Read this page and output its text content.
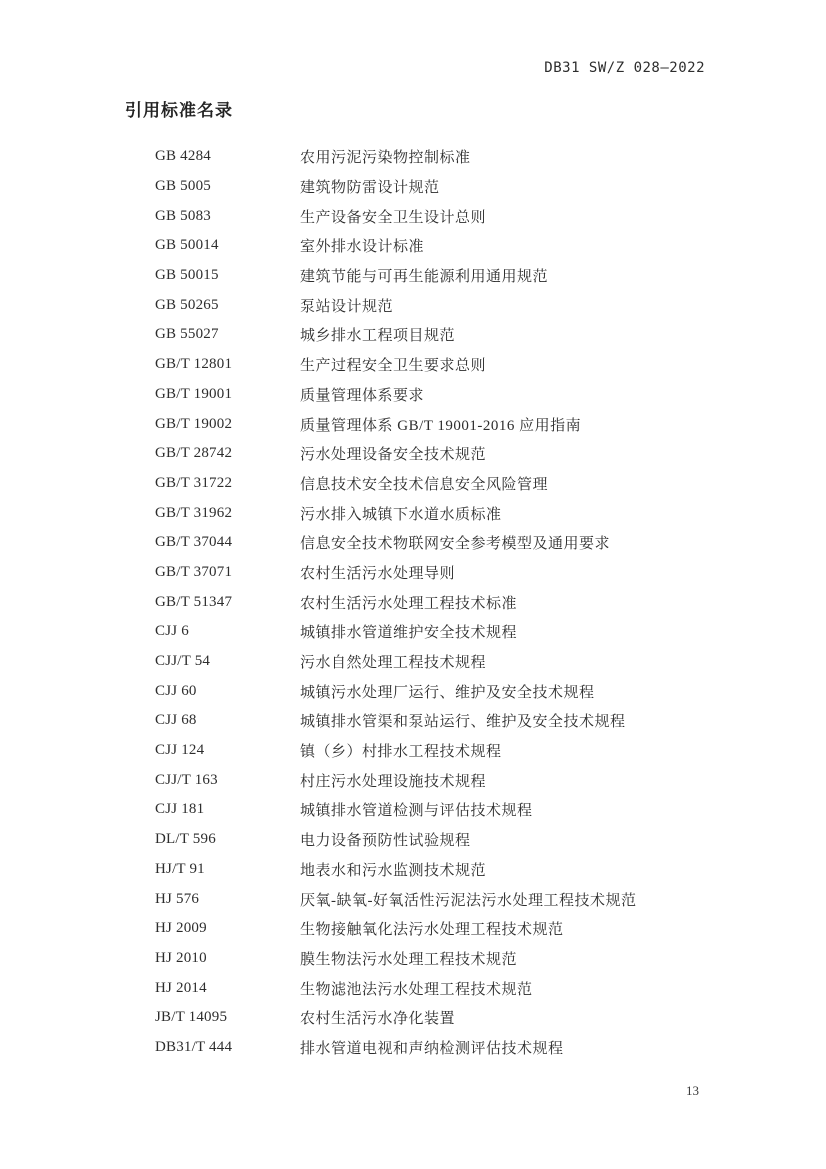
DB31 SW/Z 028—2022
引用标准名录
GB 4284	农用污泥污染物控制标准
GB 5005	建筑物防雷设计规范
GB 5083	生产设备安全卫生设计总则
GB 50014	室外排水设计标准
GB 50015	建筑节能与可再生能源利用通用规范
GB 50265	泵站设计规范
GB 55027	城乡排水工程项目规范
GB/T 12801	生产过程安全卫生要求总则
GB/T 19001	质量管理体系要求
GB/T 19002	质量管理体系 GB/T 19001-2016 应用指南
GB/T 28742	污水处理设备安全技术规范
GB/T 31722	信息技术安全技术信息安全风险管理
GB/T 31962	污水排入城镇下水道水质标准
GB/T 37044	信息安全技术物联网安全参考模型及通用要求
GB/T 37071	农村生活污水处理导则
GB/T 51347	农村生活污水处理工程技术标准
CJJ 6	城镇排水管道维护安全技术规程
CJJ/T 54	污水自然处理工程技术规程
CJJ 60	城镇污水处理厂运行、维护及安全技术规程
CJJ 68	城镇排水管渠和泵站运行、维护及安全技术规程
CJJ 124	镇（乡）村排水工程技术规程
CJJ/T 163	村庄污水处理设施技术规程
CJJ 181	城镇排水管道检测与评估技术规程
DL/T 596	电力设备预防性试验规程
HJ/T 91	地表水和污水监测技术规范
HJ 576	厌氧-缺氧-好氧活性污泥法污水处理工程技术规范
HJ 2009	生物接触氧化法污水处理工程技术规范
HJ 2010	膜生物法污水处理工程技术规范
HJ 2014	生物滤池法污水处理工程技术规范
JB/T 14095	农村生活污水净化装置
DB31/T 444	排水管道电视和声纳检测评估技术规程
13
